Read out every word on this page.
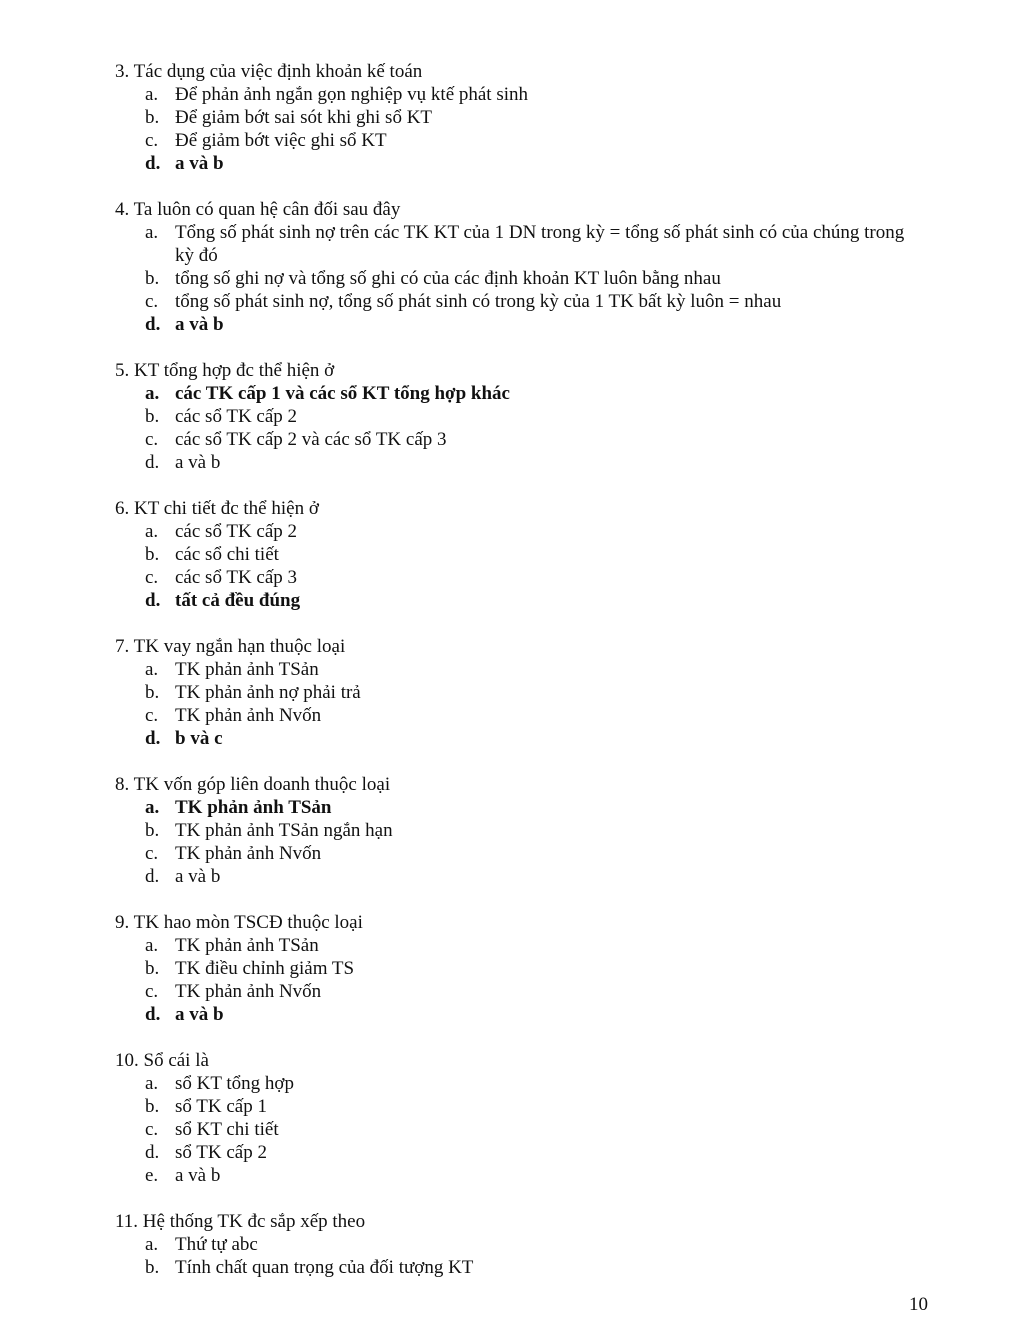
3. Tác dụng của việc định khoản kế toán
a. Để phản ảnh ngắn gọn nghiệp vụ ktế phát sinh
b. Để giảm bớt sai sót khi ghi sổ KT
c. Để giảm bớt việc ghi sổ KT
d. a và b
4. Ta luôn có quan hệ cân đối sau đây
a. Tổng số phát sinh nợ trên các TK KT của 1 DN trong kỳ = tổng số phát sinh có của chúng trong kỳ đó
b. tổng số ghi nợ và tổng số ghi có của các định khoản KT luôn bằng nhau
c. tổng số phát sinh nợ, tổng số phát sinh có trong kỳ của 1 TK bất kỳ luôn = nhau
d. a và b
5. KT tổng hợp đc thể hiện ở
a. các TK cấp 1 và các sổ KT tổng hợp khác
b. các sổ TK cấp 2
c. các sổ TK cấp 2 và các sổ TK cấp 3
d. a và b
6. KT chi tiết đc thể hiện ở
a. các sổ TK cấp 2
b. các sổ chi tiết
c. các sổ TK cấp 3
d. tất cả đều đúng
7. TK vay ngắn hạn thuộc loại
a. TK phản ảnh TSản
b. TK phản ảnh nợ phải trả
c. TK phản ảnh Nvốn
d. b và c
8. TK vốn góp liên doanh thuộc loại
a. TK phản ảnh TSản
b. TK phản ảnh TSản ngắn hạn
c. TK phản ảnh Nvốn
d. a và b
9. TK hao mòn TSCĐ thuộc loại
a. TK phản ảnh TSản
b. TK điều chỉnh giảm TS
c. TK phản ảnh Nvốn
d. a và b
10. Sổ cái là
a. sổ KT tổng hợp
b. sổ TK cấp 1
c. sổ KT chi tiết
d. sổ TK cấp 2
e. a và b
11. Hệ thống TK đc sắp xếp theo
a. Thứ tự abc
b. Tính chất quan trọng của đối tượng KT
10
